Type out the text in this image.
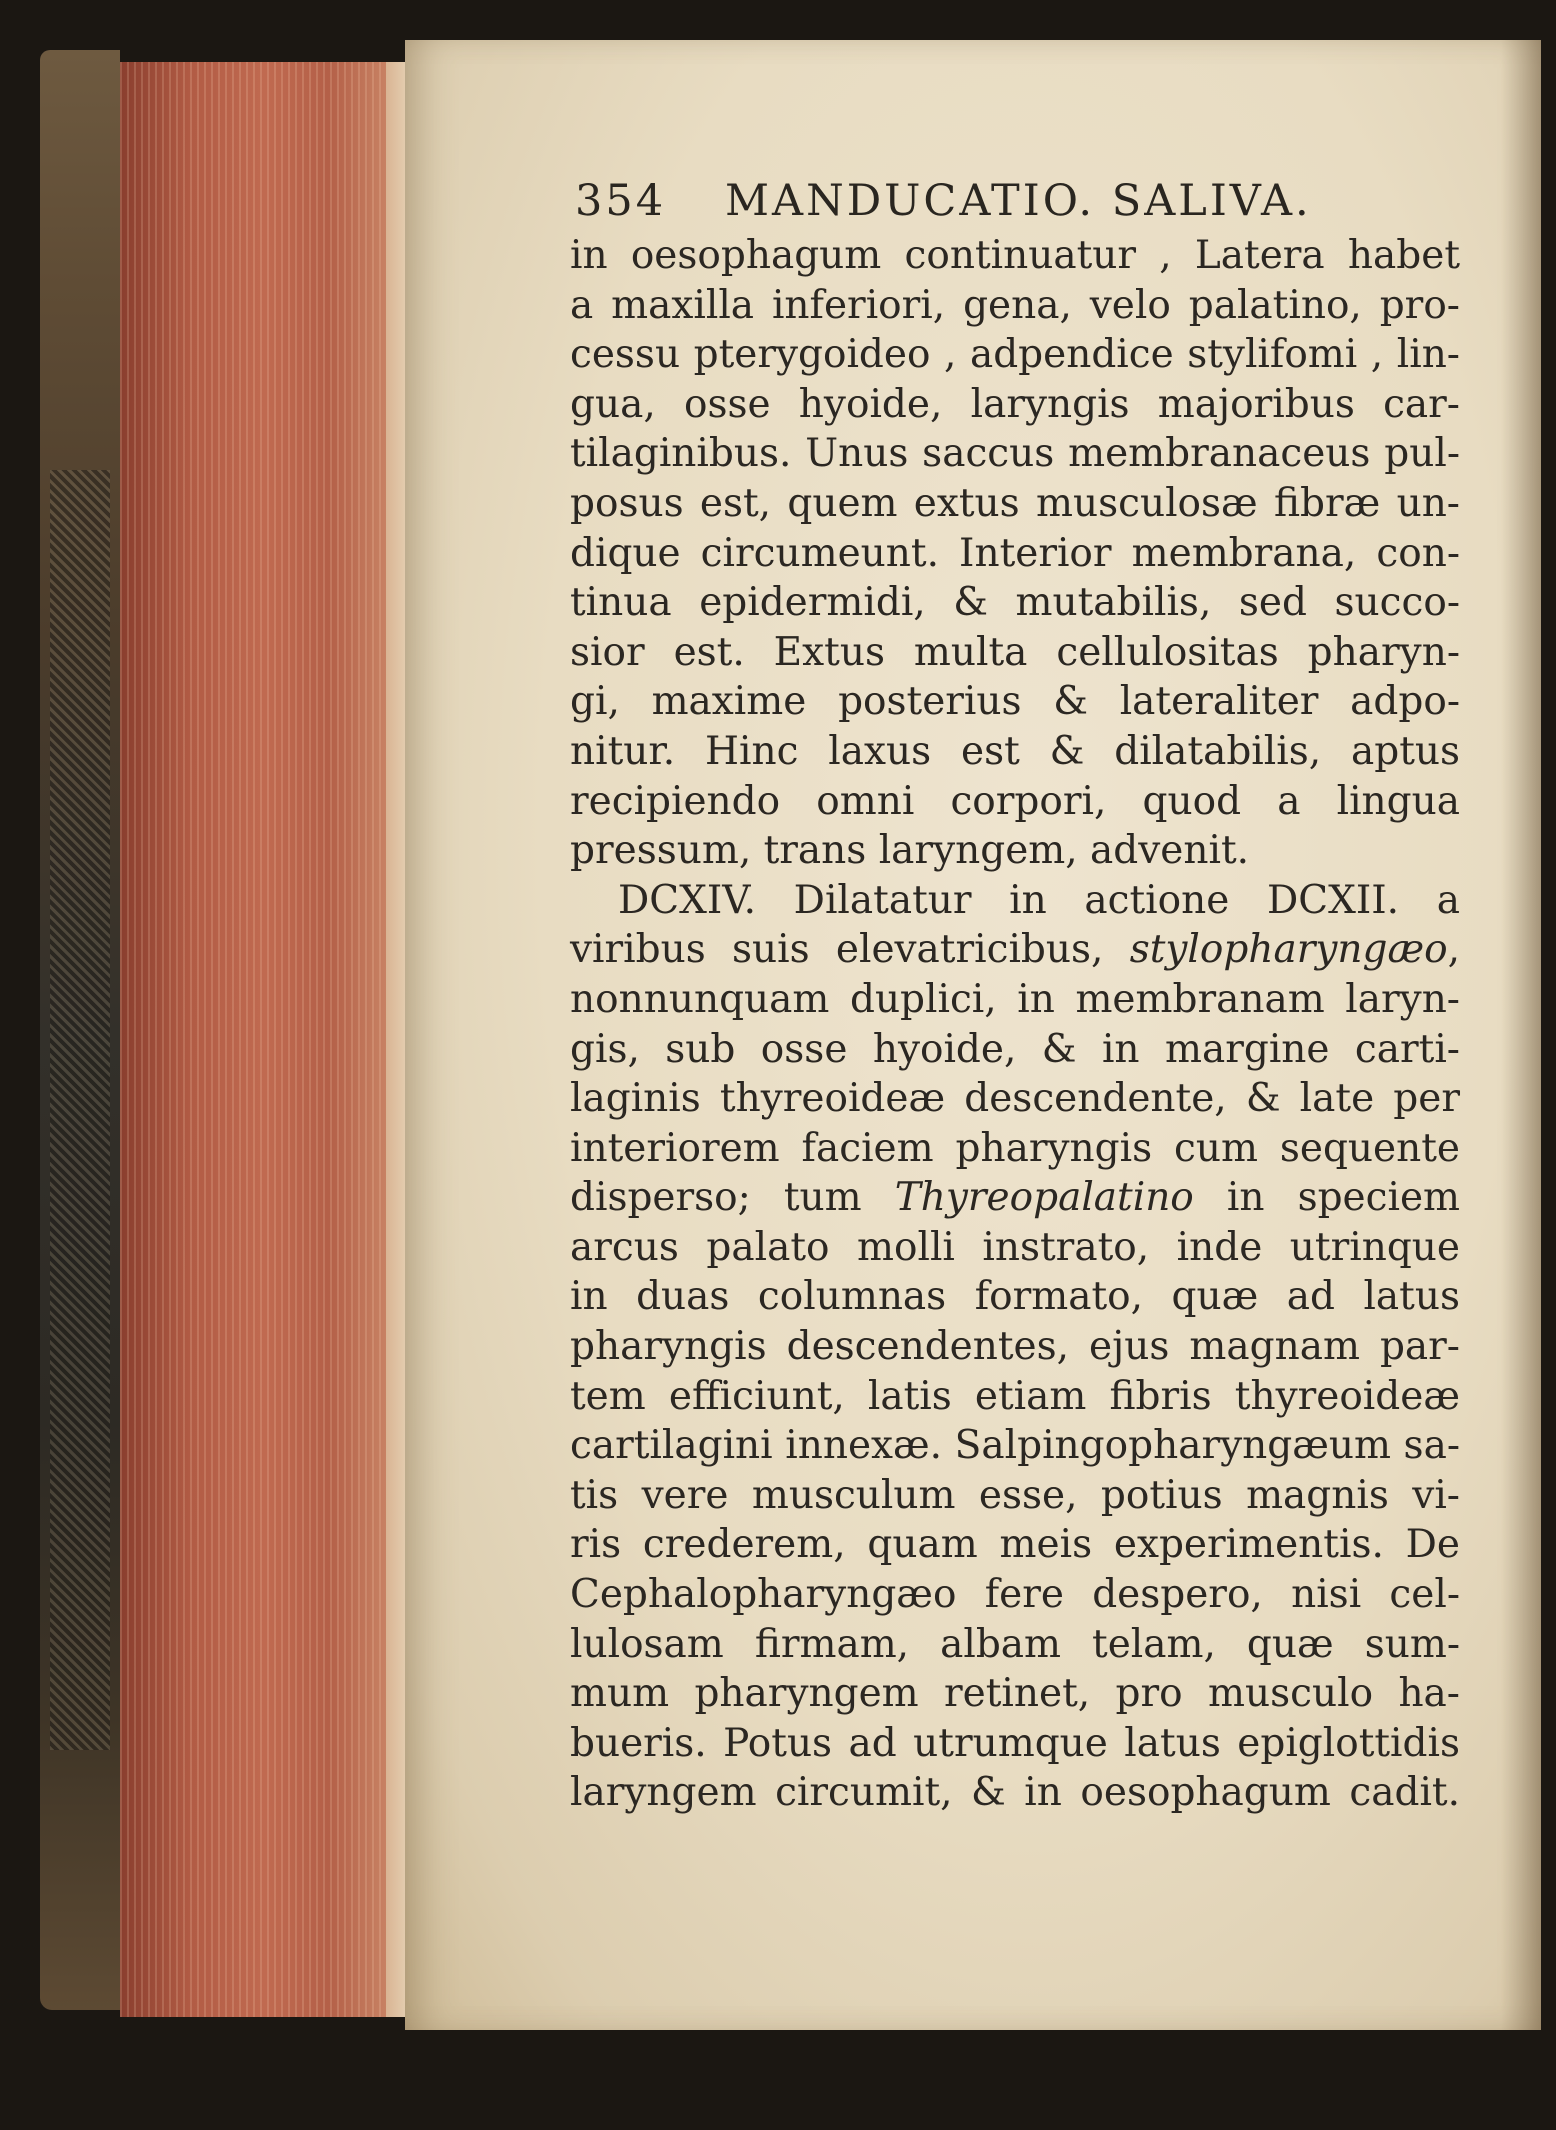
354 MANDUCATIO. SALIVA.
in oesophagum continuatur , Latera habet
a maxilla inferiori, gena, velo palatino, pro-
cessu pterygoideo , adpendice stylifomi , lin-
gua, osse hyoide, laryngis majoribus car-
tilaginibus. Unus saccus membranaceus pul-
posus est, quem extus musculosæ fibræ un-
dique circumeunt. Interior membrana, con-
tinua epidermidi, & mutabilis, sed succo-
sior est. Extus multa cellulositas pharyn-
gi, maxime posterius & lateraliter adpo-
nitur. Hinc laxus est & dilatabilis, aptus
recipiendo omni corpori, quod a lingua
pressum, trans laryngem, advenit.
DCXIV. Dilatatur in actione DCXII. a
viribus suis elevatricibus, stylopharyngæo,
nonnunquam duplici, in membranam laryn-
gis, sub osse hyoide, & in margine carti-
laginis thyreoideæ descendente, & late per
interiorem faciem pharyngis cum sequente
disperso; tum Thyreopalatino in speciem
arcus palato molli instrato, inde utrinque
in duas columnas formato, quæ ad latus
pharyngis descendentes, ejus magnam par-
tem efficiunt, latis etiam fibris thyreoideæ
cartilagini innexæ. Salpingopharyngæum sa-
tis vere musculum esse, potius magnis vi-
ris crederem, quam meis experimentis. De
Cephalopharyngæo fere despero, nisi cel-
lulosam firmam, albam telam, quæ sum-
mum pharyngem retinet, pro musculo ha-
bueris. Potus ad utrumque latus epiglottidis
laryngem circumit, & in oesophagum cadit.
